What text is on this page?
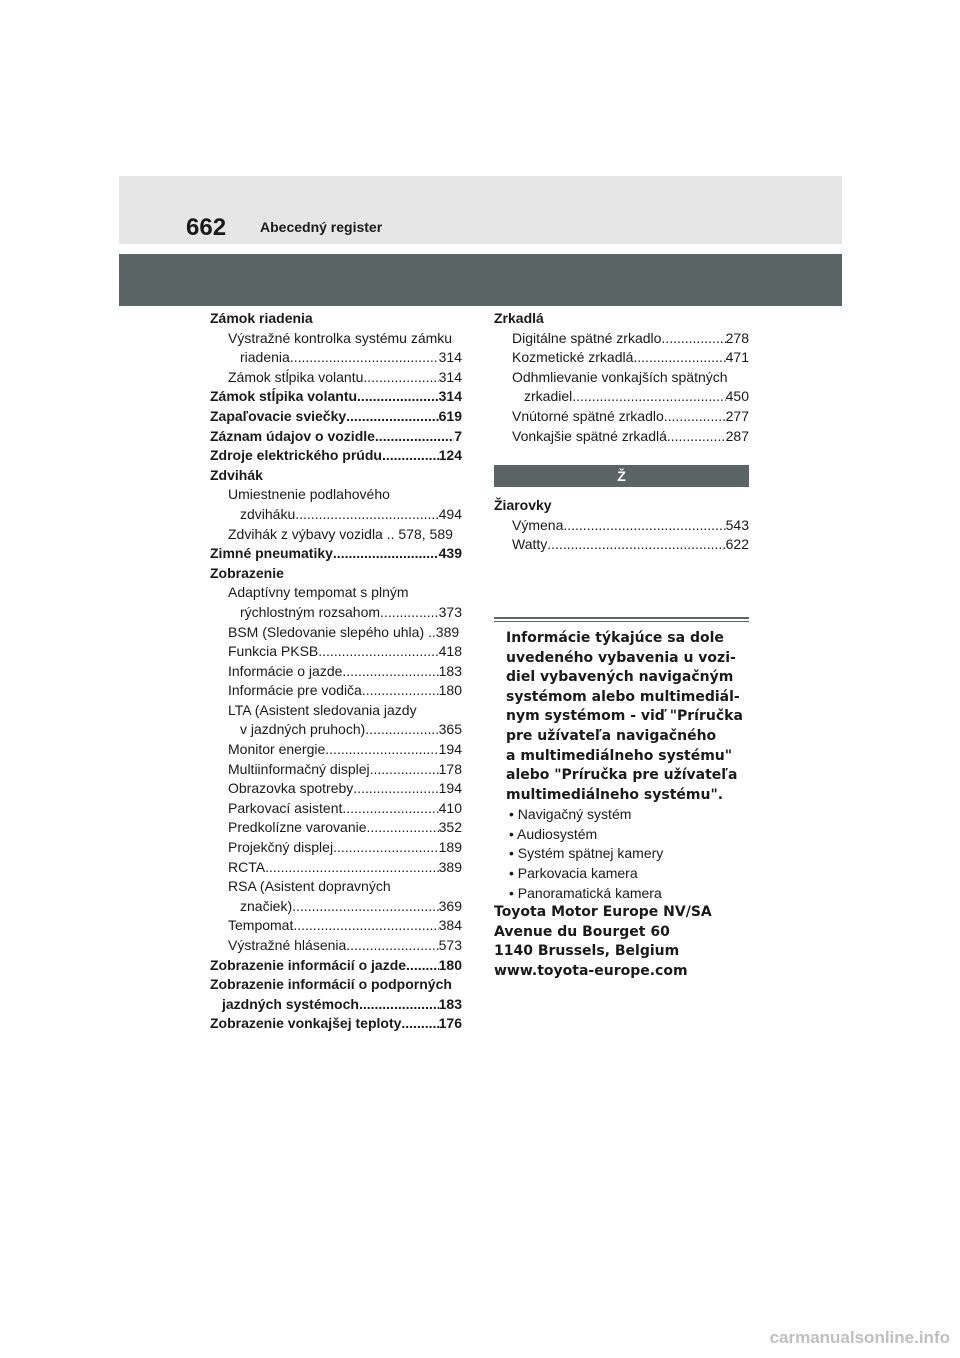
662 Abecedný register
Zámok riadenia
Výstražné kontrolka systému zámku
riadenia .....	314
Zámok stĺpika volantu .....	314
Zámok stĺpika volantu .....	314
Zapaľovacie sviečky .....	619
Záznam údajov o vozidle .....	7
Zdroje elektrického prúdu .....	124
Zdvihák
Umiestnenie podlahového
zdviháku .....	494
Zdvihák z výbavy vozidla .. 578, 589
Zimné pneumatiky .....	439
Zobrazenie
Adaptívny tempomat s plným
rýchlostným rozsahom .....	373
BSM (Sledovanie slepého uhla) ..389
Funkcia PKSB .....	418
Informácie o jazde .....	183
Informácie pre vodiča .....	180
LTA (Asistent sledovania jazdy
v jazdných pruhoch) .....	365
Monitor energie .....	194
Multiinformačný displej .....	178
Obrazovka spotreby .....	194
Parkovací asistent .....	410
Predkolízne varovanie .....	352
Projekčný displej .....	189
RCTA .....	389
RSA (Asistent dopravných
značiek) .....	369
Tempomat .....	384
Výstražné hlásenia .....	573
Zobrazenie informácií o jazde ..... 180
Zobrazenie informácií o podporných
jazdných systémoch .....	183
Zobrazenie vonkajšej teploty .....	176
Zrkadlá
Digitálne spätné zrkadlo .....	278
Kozmetické zrkadlá .....	471
Odhmlievanie vonkajších spätných
zrkadiel .....	450
Vnútorné spätné zrkadlo .....	277
Vonkajšie spätné zrkadlá .....	287
Ž
Žiarovky
Výmena .....	543
Watty .....	622
Informácie týkajúce sa dole
uvedeného vybavenia u vozi-
diel vybavených navigačným
systémom alebo multimediál-
nym systémom - viď "Príručka
pre užívateľa navigačného
a multimediálneho systému"
alebo "Príručka pre užívateľa
multimediálneho systému".
• Navigačný systém
• Audiosystém
• Systém spätnej kamery
• Parkovacia kamera
• Panoramatická kamera
Toyota Motor Europe NV/SA
Avenue du Bourget 60
1140 Brussels, Belgium
www.toyota-europe.com
carmanualsonline.info
